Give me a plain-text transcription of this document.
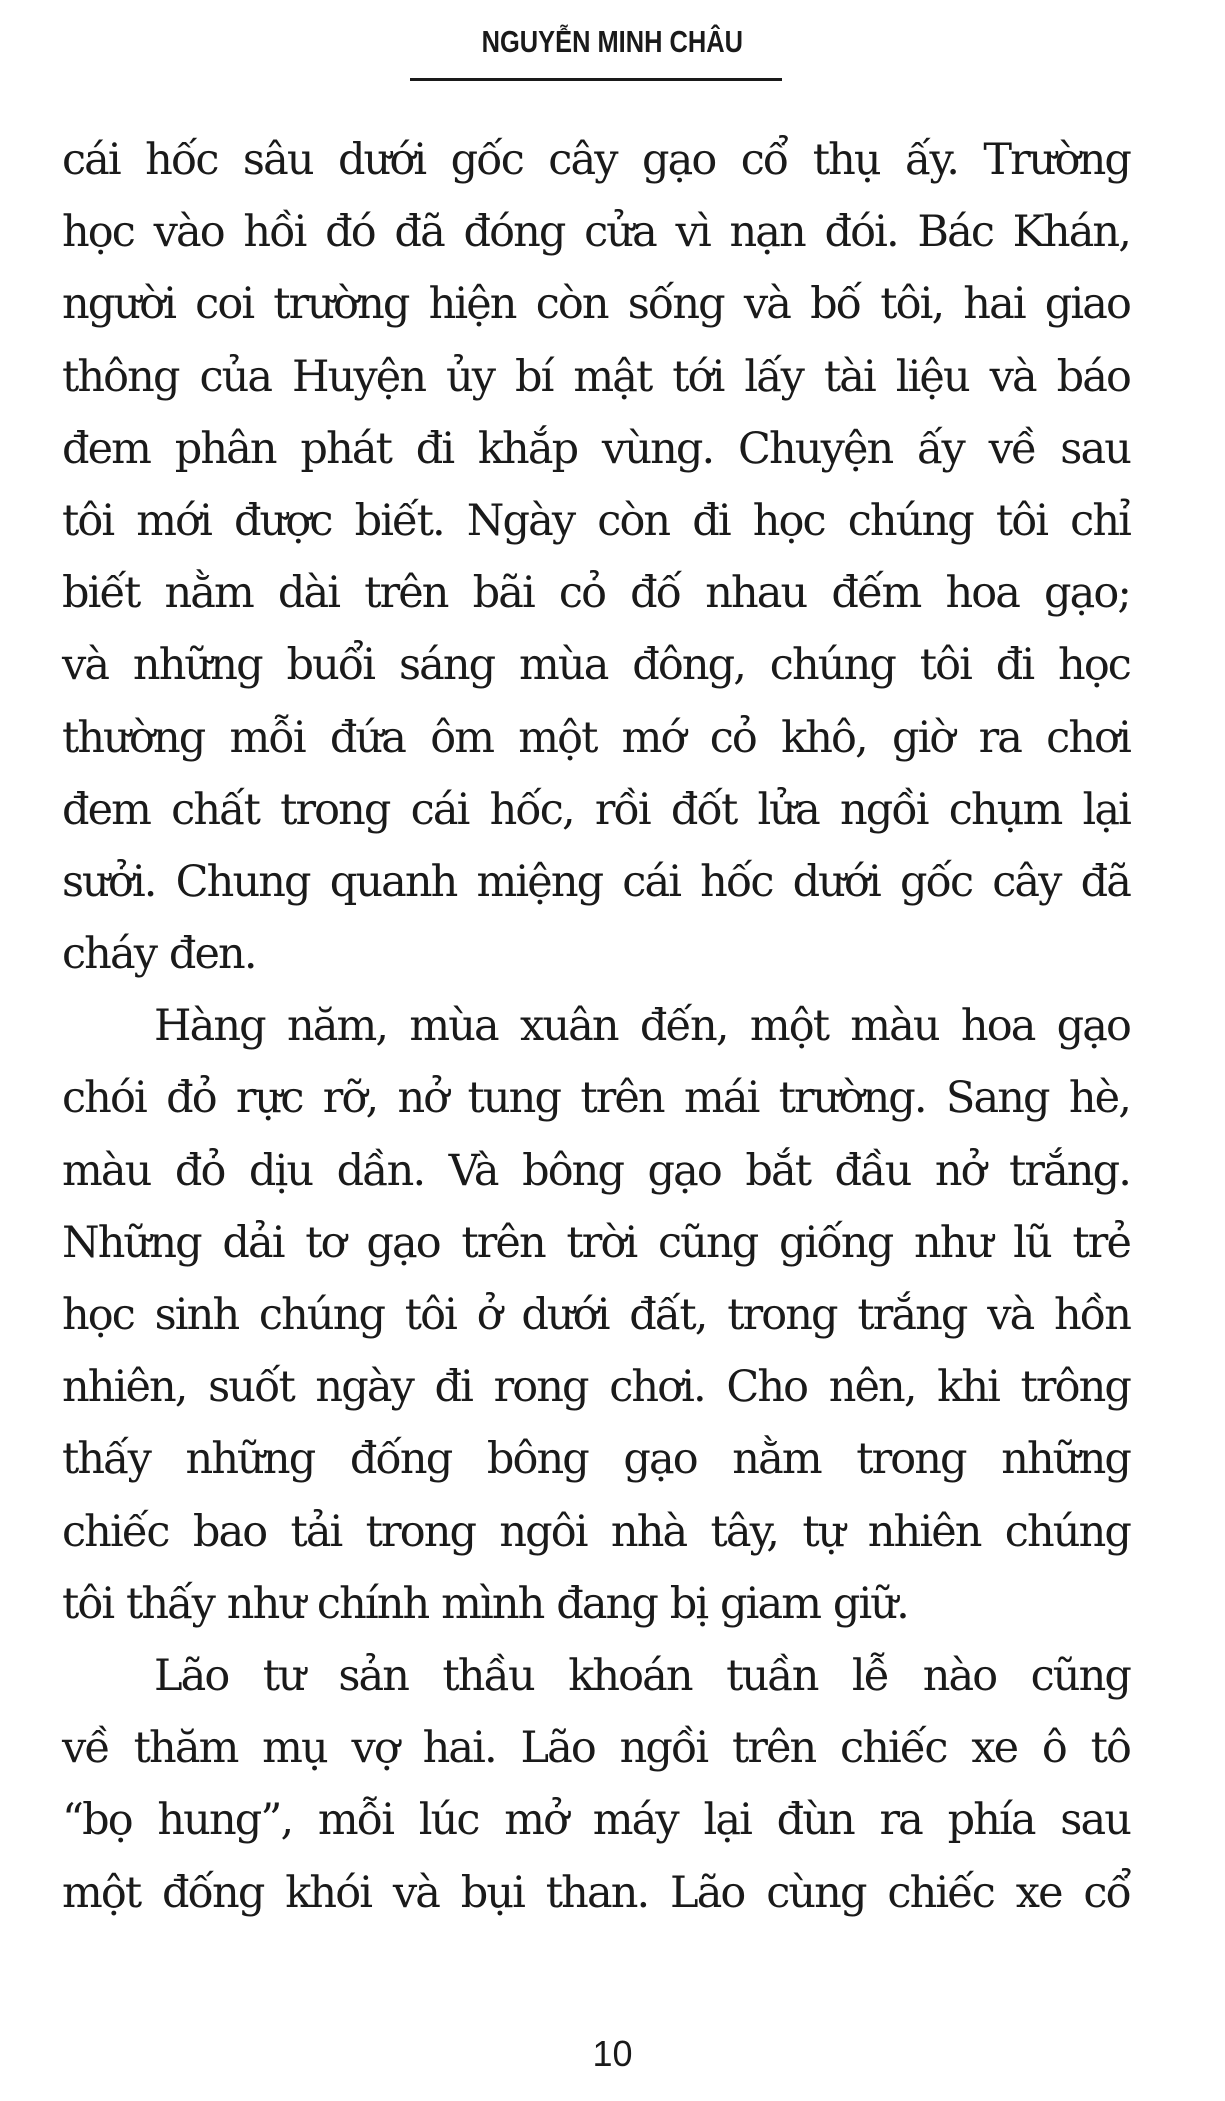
NGUYỄN MINH CHÂU
cái hốc sâu dưới gốc cây gạo cổ thụ ấy. Trường
học vào hồi đó đã đóng cửa vì nạn đói. Bác Khán,
người coi trường hiện còn sống và bố tôi, hai giao
thông của Huyện ủy bí mật tới lấy tài liệu và báo
đem phân phát đi khắp vùng. Chuyện ấy về sau
tôi mới được biết. Ngày còn đi học chúng tôi chỉ
biết nằm dài trên bãi cỏ đố nhau đếm hoa gạo;
và những buổi sáng mùa đông, chúng tôi đi học
thường mỗi đứa ôm một mớ cỏ khô, giờ ra chơi
đem chất trong cái hốc, rồi đốt lửa ngồi chụm lại
sưởi. Chung quanh miệng cái hốc dưới gốc cây đã
cháy đen.
Hàng năm, mùa xuân đến, một màu hoa gạo
chói đỏ rực rỡ, nở tung trên mái trường. Sang hè,
màu đỏ dịu dần. Và bông gạo bắt đầu nở trắng.
Những dải tơ gạo trên trời cũng giống như lũ trẻ
học sinh chúng tôi ở dưới đất, trong trắng và hồn
nhiên, suốt ngày đi rong chơi. Cho nên, khi trông
thấy những đống bông gạo nằm trong những
chiếc bao tải trong ngôi nhà tây, tự nhiên chúng
tôi thấy như chính mình đang bị giam giữ.
Lão tư sản thầu khoán tuần lễ nào cũng
về thăm mụ vợ hai. Lão ngồi trên chiếc xe ô tô
“bọ hung”, mỗi lúc mở máy lại đùn ra phía sau
một đống khói và bụi than. Lão cùng chiếc xe cổ
10
